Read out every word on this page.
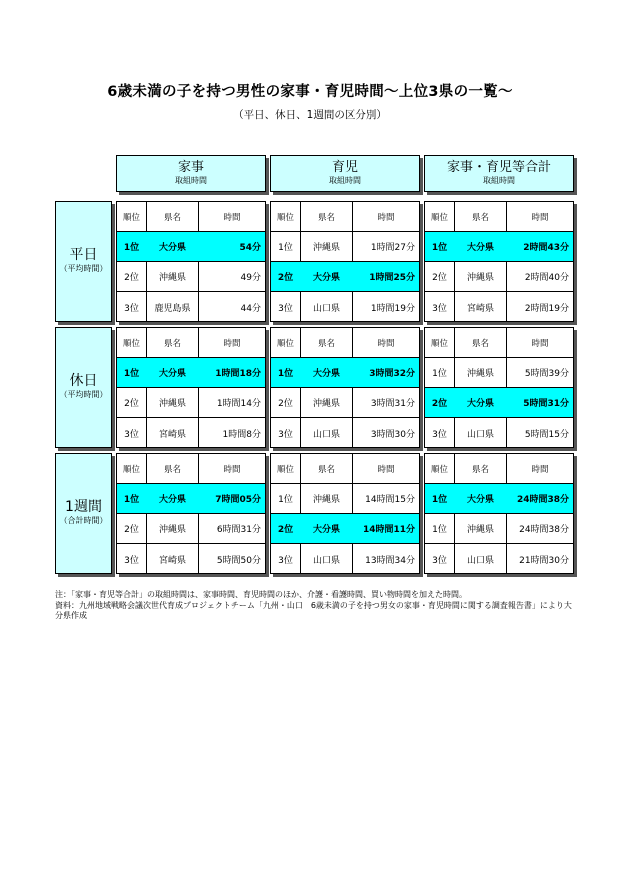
6歳未満の子を持つ男性の家事・育児時間～上位3県の一覧～
（平日、休日、1週間の区分別）
家事
取組時間
育児
取組時間
家事・育児等合計
取組時間
平日
（平均時間）
順位	県名	時間
1位	大分県	54分
2位	沖縄県	49分
3位	鹿児島県	44分
順位	県名	時間
1位	沖縄県	1時間27分
2位	大分県	1時間25分
3位	山口県	1時間19分
順位	県名	時間
1位	大分県	2時間43分
2位	沖縄県	2時間40分
3位	宮崎県	2時間19分
休日
（平均時間）
順位	県名	時間
1位	大分県	1時間18分
2位	沖縄県	1時間14分
3位	宮崎県	1時間8分
順位	県名	時間
1位	大分県	3時間32分
2位	沖縄県	3時間31分
3位	山口県	3時間30分
順位	県名	時間
1位	沖縄県	5時間39分
2位	大分県	5時間31分
3位	山口県	5時間15分
1週間
（合計時間）
順位	県名	時間
1位	大分県	7時間05分
2位	沖縄県	6時間31分
3位	宮崎県	5時間50分
順位	県名	時間
1位	沖縄県	14時間15分
2位	大分県	14時間11分
3位	山口県	13時間34分
順位	県名	時間
1位	大分県	24時間38分
1位	沖縄県	24時間38分
3位	山口県	21時間30分
注：「家事・育児等合計」の取組時間は、家事時間、育児時間のほか、介護・看護時間、買い物時間を加えた時間。
資料：九州地域戦略会議次世代育成プロジェクトチーム「九州・山口　6歳未満の子を持つ男女の家事・育児時間に関する調査報告書」により大分県作成
